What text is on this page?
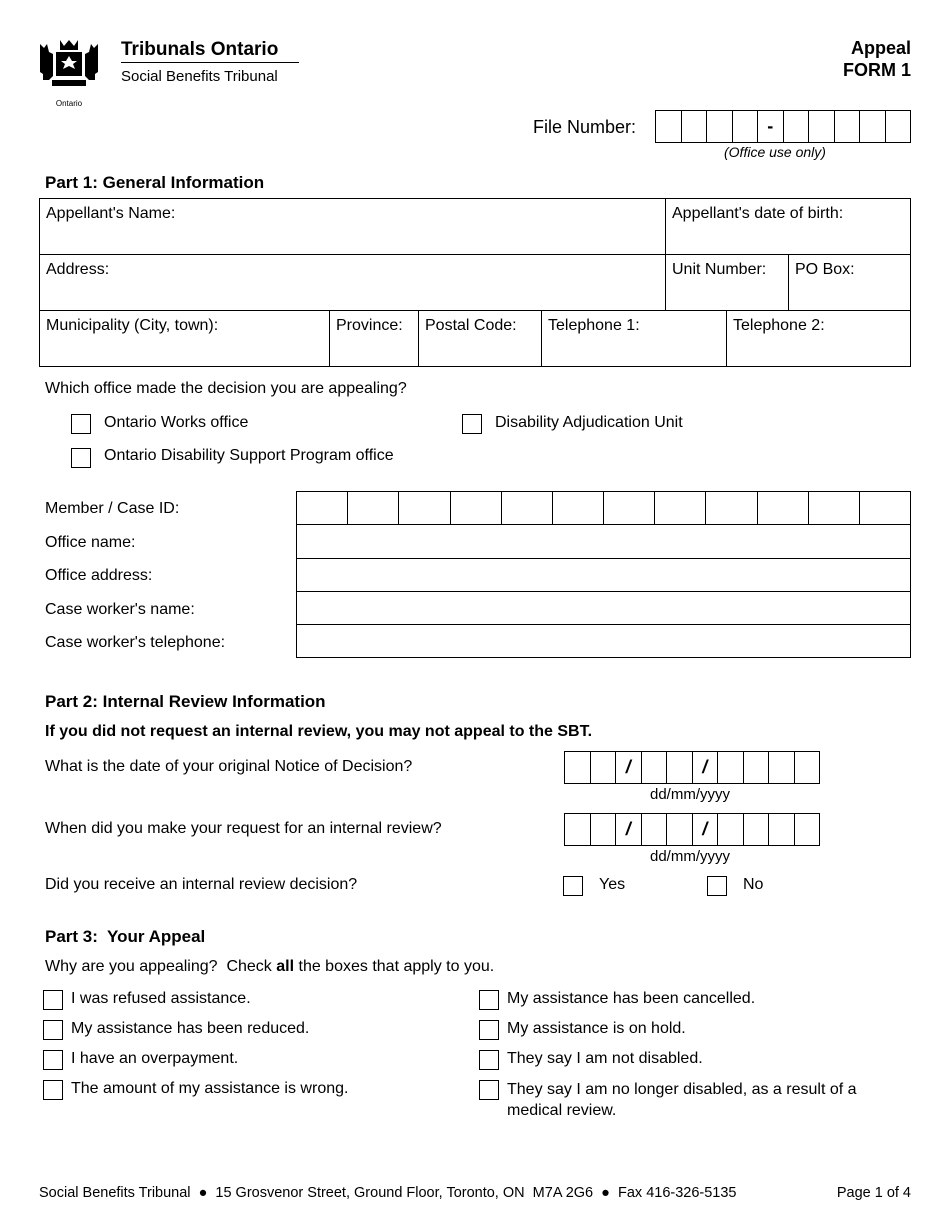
Ontario
Tribunals Ontario
Social Benefits Tribunal
Appeal
FORM 1
File Number:	-
(Office use only)
Part 1: General Information
Appellant's Name:	Appellant's date of birth:
Address:	Unit Number: PO Box:
Municipality (City, town):	Province: Postal Code: Telephone 1:	Telephone 2:
Which office made the decision you are appealing?
Ontario Works office	Disability Adjudication Unit
Ontario Disability Support Program office
Member / Case ID:
Office name:
Office address:
Case worker's name:
Case worker's telephone:
Part 2: Internal Review Information
If you did not request an internal review, you may not appeal to the SBT.
What is the date of your original Notice of Decision?	/	/
dd/mm/yyyy
When did you make your request for an internal review?	/	/
dd/mm/yyyy
Did you receive an internal review decision?	Yes	No
Part 3:  Your Appeal
Why are you appealing?  Check all the boxes that apply to you.
I was refused assistance.
My assistance has been reduced.
I have an overpayment.
The amount of my assistance is wrong.
My assistance has been cancelled.
My assistance is on hold.
They say I am not disabled.
They say I am no longer disabled, as a result of a medical review.
Social Benefits Tribunal  ●  15 Grosvenor Street, Ground Floor, Toronto, ON  M7A 2G6  ●  Fax 416-326-5135	Page 1 of 4
